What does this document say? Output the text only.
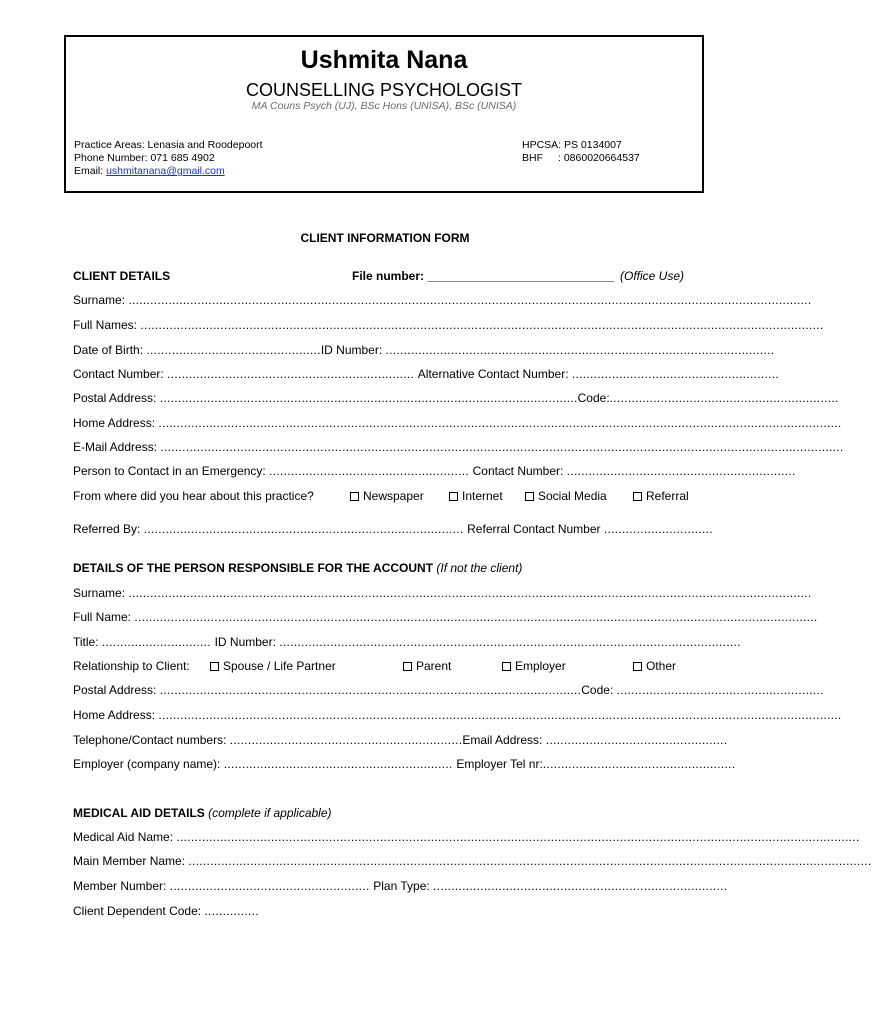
Ushmita Nana
COUNSELLING PSYCHOLOGIST
MA Couns Psych (UJ), BSc Hons (UNISA), BSc (UNISA)
Practice Areas: Lenasia and Roodepoort
Phone Number: 071 685 4902
Email: ushmitanana@gmail.com
HPCSA: PS 0134007
BHF : 0860020664537
CLIENT INFORMATION FORM
CLIENT DETAILS	File number: ____________________________ (Office Use)
Surname: ............................................................................................................................................................................................
Full Names: ............................................................................................................................................................................................
Date of Birth: ................................................ID Number: ...........................................................................................................
Contact Number: .................................................................... Alternative Contact Number: .........................................................
Postal Address: ...................................................................................................................Code:...............................................................
Home Address: ............................................................................................................................................................................................
E-Mail Address: ............................................................................................................................................................................................
Person to Contact in an Emergency: ....................................................... Contact Number: ...............................................................
From where did you hear about this practice?	Newspaper	Internet	Social Media	Referral
Referred By: ........................................................................................ Referral Contact Number ..............................
DETAILS OF THE PERSON RESPONSIBLE FOR THE ACCOUNT (If not the client)
Surname: ............................................................................................................................................................................................
Full Name: ............................................................................................................................................................................................
Title: .............................. ID Number: ...............................................................................................................................
Relationship to Client:	Spouse / Life Partner	Parent	Employer	Other
Postal Address: ....................................................................................................................Code: .........................................................
Home Address: ............................................................................................................................................................................................
Telephone/Contact numbers: ................................................................Email Address: ..................................................
Employer (company name): ............................................................... Employer Tel nr:.....................................................
MEDICAL AID DETAILS (complete if applicable)
Medical Aid Name: ............................................................................................................................................................................................
Main Member Name: ............................................................................................................................................................................................
Member Number: ....................................................... Plan Type: .................................................................................
Client Dependent Code: ...............
